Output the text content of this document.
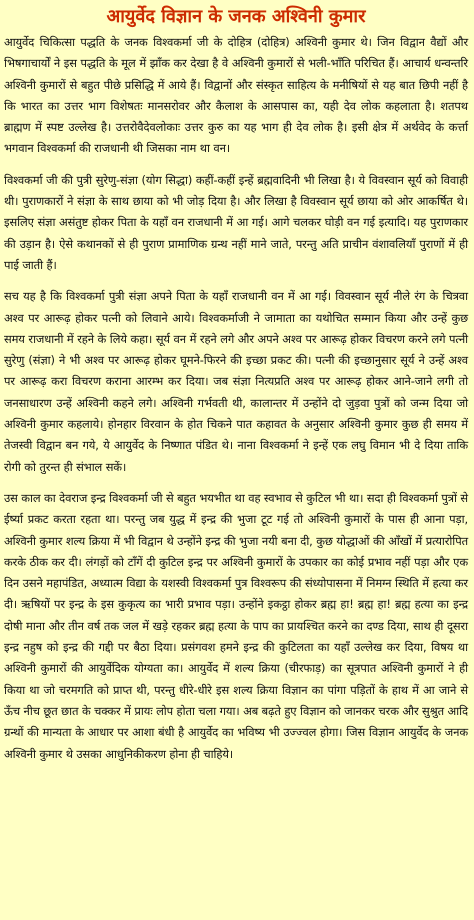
आयुर्वेद विज्ञान के जनक अश्विनी कुमार

आयुर्वेद चिकित्सा पद्धति के जनक विश्वकर्मा जी के दोहित्र (दोहित्र) अश्विनी कुमार थे। जिन विद्वान वैद्यों और भिषगाचार्यों ने इस पद्धति के मूल में झाँक कर देखा है वे अश्विनी कुमारों से भली-भाँति परिचित हैं। आचार्य धन्वन्तरि अश्विनी कुमारों से बहुत पीछे प्रसिद्धि में आये हैं। विद्वानों और संस्कृत साहित्य के मनीषियों से यह बात छिपी नहीं है कि भारत का उत्तर भाग विशेषतः मानसरोवर और कैलाश के आसपास का, यही देव लोक कहलाता है। शतपथ ब्राह्मण में स्पष्ट उल्लेख है। उत्तरोवैदेवलोकाः उत्तर कुरु का यह भाग ही देव लोक है। इसी क्षेत्र में अर्थवेद के कर्त्ता भगवान विश्वकर्मा की राजधानी थी जिसका नाम था वन।

विश्वकर्मा जी की पुत्री सुरेणु-संज्ञा (योग सिद्धा) कहीं-कहीं इन्हें ब्रह्मवादिनी भी लिखा है। ये विवस्वान सूर्य को विवाही थी। पुराणकारों ने संज्ञा के साथ छाया को भी जोड़ दिया है। और लिखा है विवस्वान सूर्य छाया को ओर आकर्षित थे। इसलिए संज्ञा असंतुष्ट होकर पिता के यहाँ वन राजधानी में आ गई। आगे चलकर घोड़ी वन गई इत्यादि। यह पुराणकार की उड़ान है। ऐसे कथानकों से ही पुराण प्रामाणिक ग्रन्थ नहीं माने जाते, परन्तु अति प्राचीन वंशावलियाँ पुराणों में ही पाई जाती हैं।

सच यह है कि विश्वकर्मा पुत्री संज्ञा अपने पिता के यहाँ राजधानी वन में आ गई। विवस्वान सूर्य नीले रंग के चित्रवा अश्व पर आरूढ़ होकर पत्नी को लिवाने आये। विश्वकर्माजी ने जामाता का यथोचित सम्मान किया और उन्हें कुछ समय राजधानी में रहने के लिये कहा। सूर्य वन में रहने लगे और अपने अश्व पर आरूढ़ होकर विचरण करने लगे पत्नी सुरेणु (संज्ञा) ने भी अश्व पर आरूढ़ होकर घूमने-फिरने की इच्छा प्रकट की। पत्नी की इच्छानुसार सूर्य ने उन्हें अश्व पर आरूढ़ करा विचरण कराना आरम्भ कर दिया। जब संज्ञा नित्यप्रति अश्व पर आरूढ़ होकर आने-जाने लगी तो जनसाधारण उन्हें अश्विनी कहने लगे। अश्विनी गर्भवती थी, कालान्तर में उन्होंने दो जुड़वा पुत्रों को जन्म दिया जो अश्विनी कुमार कहलाये। होनहार विरवान के होत चिकने पात कहावत के अनुसार अश्विनी कुमार कुछ ही समय में तेजस्वी विद्वान बन गये, ये आयुर्वेद के निष्णात पंडित थे। नाना विश्वकर्मा ने इन्हें एक लघु विमान भी दे दिया ताकि रोगी को तुरन्त ही संभाल सकें।

उस काल का देवराज इन्द्र विश्वकर्मा जी से बहुत भयभीत था वह स्वभाव से कुटिल भी था। सदा ही विश्वकर्मा पुत्रों से ईर्ष्या प्रकट करता रहता था। परन्तु जब युद्ध में इन्द्र की भुजा टूट गई तो अश्विनी कुमारों के पास ही आना पड़ा, अश्विनी कुमार शल्य क्रिया में भी विद्वान थे उन्होंने इन्द्र की भुजा नयी बना दी, कुछ योद्धाओं की आँखों में प्रत्यारोपित करके ठीक कर दी। लंगड़ों को टाँगें दी कुटिल इन्द्र पर अश्विनी कुमारों के उपकार का कोई प्रभाव नहीं पड़ा और एक दिन उसने महापंडित, अध्यात्म विद्या के यशस्वी विश्वकर्मा पुत्र विश्वरूप की संध्योपासना में निमग्न स्थिति में हत्या कर दी। ऋषियों पर इन्द्र के इस कुकृत्य का भारी प्रभाव पड़ा। उन्होंने इकट्ठा होकर ब्रह्म हा! ब्रह्म हा! ब्रह्म हत्या का इन्द्र दोषी माना और तीन वर्ष तक जल में खड़े रहकर ब्रह्म हत्या के पाप का प्रायश्चित करने का दण्ड दिया, साथ ही दूसरा इन्द्र नहुष को इन्द्र की गद्दी पर बैठा दिया। प्रसंगवश हमने इन्द्र की कुटिलता का यहाँ उल्लेख कर दिया, विषय था अश्विनी कुमारों की आयुर्वेदिक योग्यता का। आयुर्वेद में शल्य क्रिया (चीरफाड़) का सूत्रपात अश्विनी कुमारों ने ही किया था जो चरमगति को प्राप्त थी, परन्तु धीरे-धीरे इस शल्य क्रिया विज्ञान का पांगा पड़ितों के हाथ में आ जाने से ऊँच नीच छूत छात के चक्कर में प्रायः लोप होता चला गया। अब बढ़ते हुए विज्ञान को जानकर चरक और सुश्रुत आदि ग्रन्थों की मान्यता के आधार पर आशा बंधी है आयुर्वेद का भविष्य भी उज्ज्वल होगा। जिस विज्ञान आयुर्वेद के जनक अश्विनी कुमार थे उसका आधुनिकीकरण होना ही चाहिये।
